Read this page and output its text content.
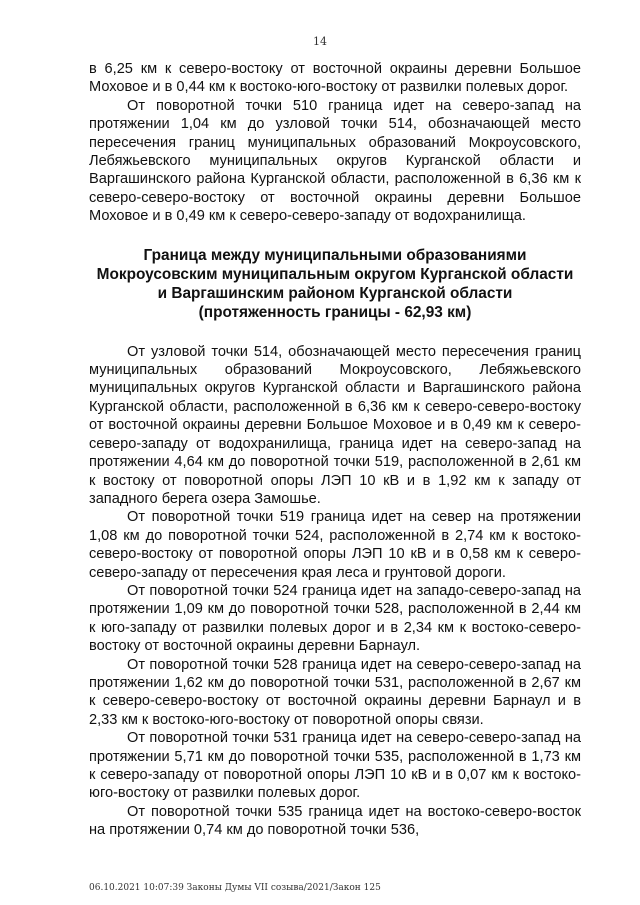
14

в 6,25 км к северо-востоку от восточной окраины деревни Большое Моховое и в 0,44 км к востоко-юго-востоку от развилки полевых дорог.

От поворотной точки 510 граница идет на северо-запад на протяжении 1,04 км до узловой точки 514, обозначающей место пересечения границ муниципальных образований Мокроусовского, Лебяжьевского муниципальных округов Курганской области и Варгашинского района Курганской области, расположенной в 6,36 км к северо-северо-востоку от восточной окраины деревни Большое Моховое и в 0,49 км к северо-северо-западу от водохранилища.

Граница между муниципальными образованиями
Мокроусовским муниципальным округом Курганской области
и Варгашинским районом Курганской области
(протяженность границы - 62,93 км)

От узловой точки 514, обозначающей место пересечения границ муниципальных образований Мокроусовского, Лебяжьевского муниципальных округов Курганской области и Варгашинского района Курганской области, расположенной в 6,36 км к северо-северо-востоку от восточной окраины деревни Большое Моховое и в 0,49 км к северо-северо-западу от водохранилища, граница идет на северо-запад на протяжении 4,64 км до поворотной точки 519, расположенной в 2,61 км к востоку от поворотной опоры ЛЭП 10 кВ и в 1,92 км к западу от западного берега озера Замошье.

От поворотной точки 519 граница идет на север на протяжении 1,08 км до поворотной точки 524, расположенной в 2,74 км к востоко-северо-востоку от поворотной опоры ЛЭП 10 кВ и в 0,58 км к северо-северо-западу от пересечения края леса и грунтовой дороги.

От поворотной точки 524 граница идет на западо-северо-запад на протяжении 1,09 км до поворотной точки 528, расположенной в 2,44 км к юго-западу от развилки полевых дорог и в 2,34 км к востоко-северо-востоку от восточной окраины деревни Барнаул.

От поворотной точки 528 граница идет на северо-северо-запад на протяжении 1,62 км до поворотной точки 531, расположенной в 2,67 км к северо-северо-востоку от восточной окраины деревни Барнаул и в 2,33 км к востоко-юго-востоку от поворотной опоры связи.

От поворотной точки 531 граница идет на северо-северо-запад на протяжении 5,71 км до поворотной точки 535, расположенной в 1,73 км к северо-западу от поворотной опоры ЛЭП 10 кВ и в 0,07 км к востоко-юго-востоку от развилки полевых дорог.

От поворотной точки 535 граница идет на востоко-северо-восток на протяжении 0,74 км до поворотной точки 536,

06.10.2021 10:07:39 Законы Думы VII созыва/2021/Закон 125
